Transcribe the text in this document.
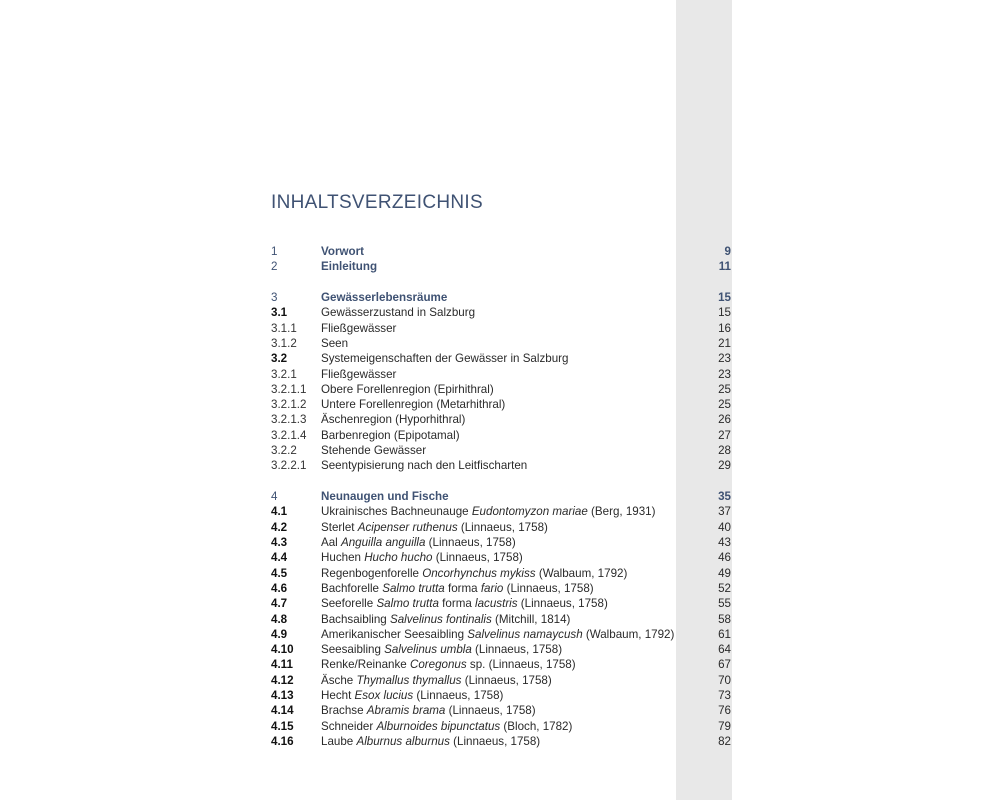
INHALTSVERZEICHNIS
1	Vorwort	9
2	Einleitung	11
3	Gewässerlebensräume	15
3.1	Gewässerzustand in Salzburg	15
3.1.1 Fließgewässer	16
3.1.2 Seen	21
3.2	Systemeigenschaften der Gewässer in Salzburg	23
3.2.1 Fließgewässer	23
3.2.1.1 Obere Forellenregion (Epirhithral)	25
3.2.1.2 Untere Forellenregion (Metarhithral)	25
3.2.1.3 Äschenregion (Hyporhithral)	26
3.2.1.4 Barbenregion (Epipotamal)	27
3.2.2 Stehende Gewässer	28
3.2.2.1 Seentypisierung nach den Leitfischarten	29
4	Neunaugen und Fische	35
4.1	Ukrainisches Bachneunauge Eudontomyzon mariae (Berg, 1931)	37
4.2	Sterlet Acipenser ruthenus (Linnaeus, 1758)	40
4.3	Aal Anguilla anguilla (Linnaeus, 1758)	43
4.4	Huchen Hucho hucho (Linnaeus, 1758)	46
4.5	Regenbogenforelle Oncorhynchus mykiss (Walbaum, 1792)	49
4.6	Bachforelle Salmo trutta forma fario (Linnaeus, 1758)	52
4.7	Seeforelle Salmo trutta forma lacustris (Linnaeus, 1758)	55
4.8	Bachsaibling Salvelinus fontinalis (Mitchill, 1814)	58
4.9	Amerikanischer Seesaibling Salvelinus namaycush (Walbaum, 1792)	61
4.10 Seesaibling Salvelinus umbla (Linnaeus, 1758)	64
4.11 Renke/Reinanke Coregonus sp. (Linnaeus, 1758)	67
4.12 Äsche Thymallus thymallus (Linnaeus, 1758)	70
4.13 Hecht Esox lucius (Linnaeus, 1758)	73
4.14 Brachse Abramis brama (Linnaeus, 1758)	76
4.15 Schneider Alburnoides bipunctatus (Bloch, 1782)	79
4.16 Laube Alburnus alburnus (Linnaeus, 1758)	82
